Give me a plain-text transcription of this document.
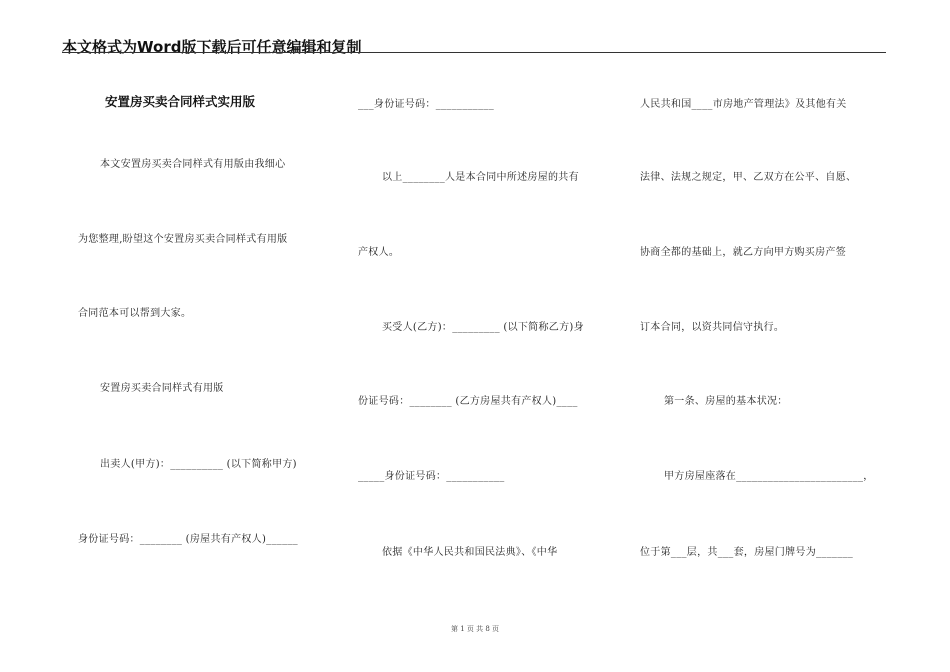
本文格式为Word版下载后可任意编辑和复制
安置房买卖合同样式实用版
本文安置房买卖合同样式有用版由我细心
为您整理,盼望这个安置房买卖合同样式有用版
合同范本可以帮到大家。
安置房买卖合同样式有用版
出卖人(甲方)：__________ (以下简称甲方)
身份证号码：________ (房屋共有产权人)______
___身份证号码：___________
以上________人是本合同中所述房屋的共有
产权人。
买受人(乙方)：_________ (以下简称乙方)身
份证号码：________ (乙方房屋共有产权人)____
_____身份证号码：___________
依据《中华人民共和国民法典》、《中华
人民共和国____市房地产管理法》及其他有关
法律、法规之规定，甲、乙双方在公平、自愿、
协商全都的基础上，就乙方向甲方购买房产签
订本合同，以资共同信守执行。
第一条、房屋的基本状况：
甲方房屋座落在________________________，
位于第___层，共___套，房屋门牌号为_______
第 1 页 共 8 页
